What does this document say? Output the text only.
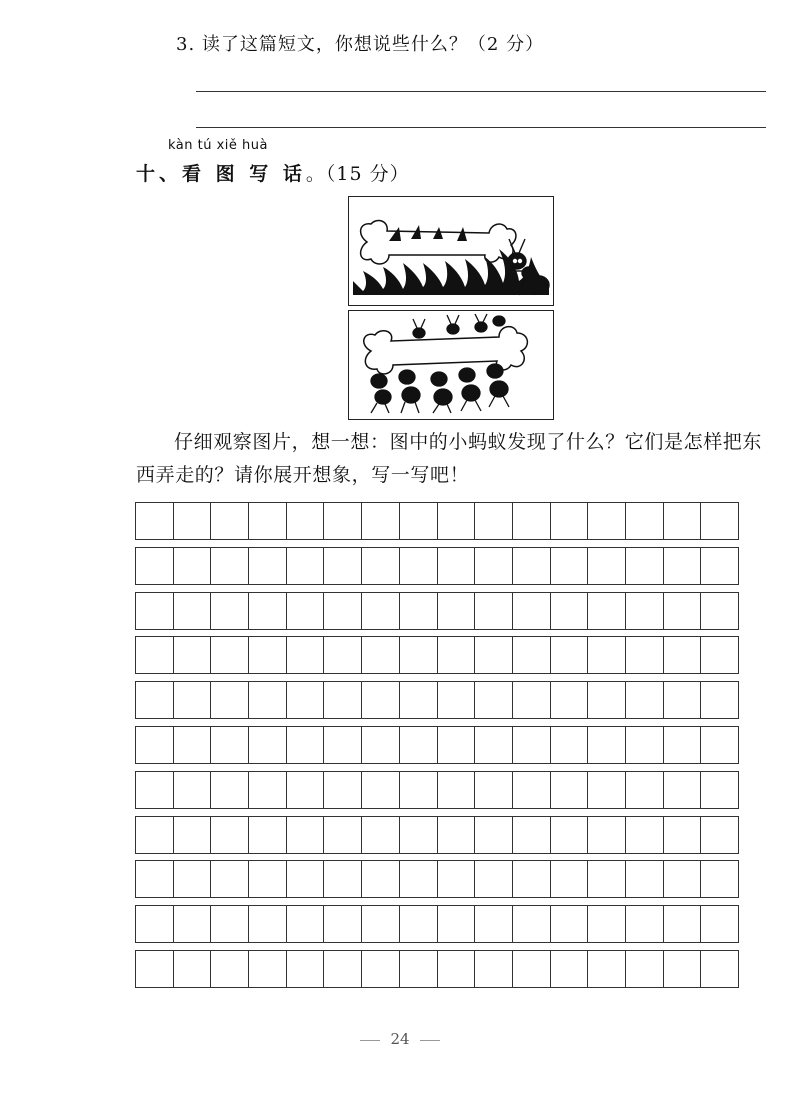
3. 读了这篇短文，你想说些什么？（2 分）
kàn tú xiě huà
十、看 图 写 话。（15 分）
仔细观察图片，想一想：图中的小蚂蚁发现了什么？它们是怎样把东西弄走的？请你展开想象，写一写吧！
24
